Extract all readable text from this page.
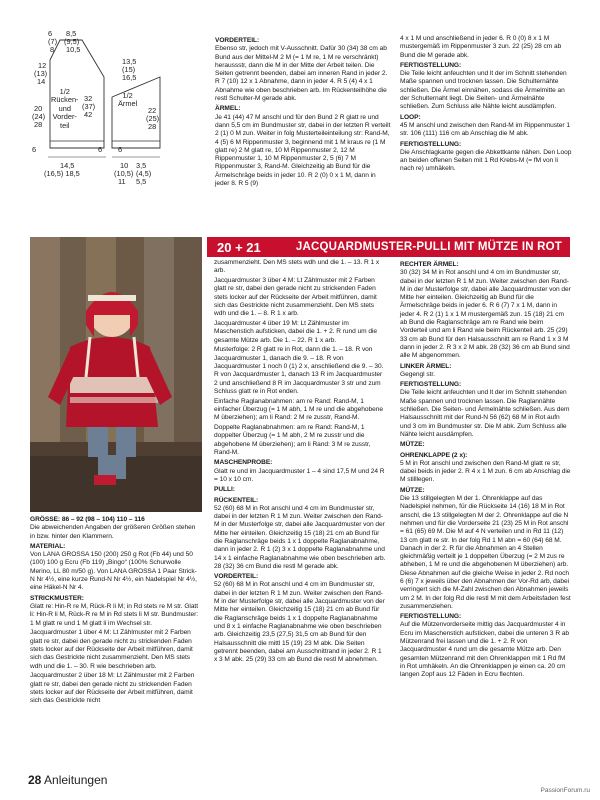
6
(7)
8
8,5
(9,5)
10,5
12
(13)
14
20
(24)
28
32
(37)
42
1/2
Rücken-
und
Vorder-
teil
6	6
14,5
(16,5) 18,5
13,5
(15)
16,5
22
(25)
28
1/2
Ärmel
6
10 3,5
(10,5) (4,5)
11 5,5
VORDERTEIL:

Ebenso str, jedoch mit V-Ausschnitt. Dafür 30 (34) 38 cm ab Bund aus der Mittel-M 2 M (= 1 M re, 1 M re verschränkt) heraussstr, dann die M in der Mitte der Arbeit teilen. Die Seiten getrennt beenden, dabei am inneren Rand in jeder 2. R 7 (10) 12 x 1 Abnahme, dann in jeder 4. R 5 (4) 4 x 1 Abnahme wie oben beschrieben arb. Im Rückenteilhöhe die restl Schulter-M gerade abk.

ÄRMEL:

Je 41 (44) 47 M anschl und für den Bund 2 R glatt re und dann 5,5 cm im Bundmuster str, dabei in der letzten R verteilt 2 (1) 0 M zun. Weiter in folg Musterteileinteilung str: Rand-M, 4 (5) 6 M Rippenmuster 3, beginnend mit 1 M kraus re (1 M glatt re) 2 M glatt re, 10 M Rippenmuster 2, 12 M Rippenmuster 1, 10 M Rippenmuster 2, 5 (6) 7 M Rippenmuster 3, Rand-M. Gleichzeitig ab Bund für die Ärmelschräge beids in jeder 10. R 2 (0) 0 x 1 M, dann in jeder 8. R 5 (9)

4 x 1 M und anschließend in jeder 6. R 0 (0) 8 x 1 M mustergemäß im Rippenmuster 3 zun. 22 (25) 28 cm ab Bund die M gerade abk.

FERTIGSTELLUNG:

Die Teile leicht anfeuchten und lt der im Schnitt stehenden Maße spannen und trocknen lassen. Die Schulternähte schließen. Die Ärmel einnähen, sodass die Ärmelmitte an der Schulternaht liegt. Die Seiten- und Ärmelnähte schließen. Zum Schluss alle Nähte leicht ausdämpfen.

LOOP:

45 M anschl und zwischen den Rand-M im Rippenmuster 1 str. 106 (111) 116 cm ab Anschlag die M abk.

FERTIGSTELLUNG:

Die Anschlagkante gegen die Abkettkante nähen. Den Loop an beiden offenen Seiten mit 1 Rd Krebs-M (= fM von li nach re) umhäkeln.

20 + 21	JACQUARDMUSTER-PULLI MIT MÜTZE IN ROT
GRÖSSE: 86 – 92 (98 – 104) 110 – 116

Die abweichenden Angaben der größeren Größen stehen in bzw. hinter den Klammern.

MATERIAL:

Von LANA GROSSA 150 (200) 250 g Rot (Fb 44) und 50 (100) 100 g Ecru (Fb 119) „Bingo“ (100% Schurwolle Merino, LL 80 m/50 g). Von LANA GROSSA 1 Paar Strick-N Nr 4½, eine kurze Rund-N Nr 4½, ein Nadelspiel Nr 4½, eine Häkel-N Nr 4.

STRICKMUSTER:

Glatt re: Hin-R re M, Rück-R li M; in Rd stets re M str. Glatt li: Hin-R li M, Rück-R re M in Rd stets li M str. Bundmuster: 1 M glatt re und 1 M glatt li im Wechsel str.

Jacquardmuster 1 über 4 M: Lt Zählmuster mit 2 Farben glatt re str, dabei den gerade nicht zu strickenden Faden stets locker auf der Rückseite der Arbeit mitführen, damit sich das Gestrickte nicht zusammenzieht. Den MS stets wdh und die 1. – 30. R wie beschrieben arb.

Jacquardmuster 2 über 18 M: Lt Zählmuster mit 2 Farben glatt re str, dabei den gerade nicht zu strickenden Faden stets locker auf der Rückseite der Arbeit mitführen, damit sich das Gestrickte nicht

zusammenzieht. Den MS stets wdh und die 1. – 13. R 1 x arb.

Jacquardmuster 3 über 4 M: Lt Zählmuster mit 2 Farben glatt re str, dabei den gerade nicht zu strickenden Faden stets locker auf der Rückseite der Arbeit mitführen, damit sich das Gestrickte nicht zusammenzieht. Den MS stets wdh und die 1. – 8. R 1 x arb.

Jacquardmuster 4 über 19 M: Lt Zählmuster im Maschenstich aufsticken, dabei die 1. + 2. R rund um die gesamte Mütze arb. Die 1. – 22. R 1 x arb.

Musterfolge: 2 R glatt re in Rot, dann die 1. – 18. R von Jacquardmuster 1, danach die 9. – 18. R von Jacquardmuster 1 noch 0 (1) 2 x, anschließend die 9. – 30. R von Jacquardmuster 1, danach 13 R im Jacquardmuster 2 und anschließend 8 R im Jacquardmuster 3 str und zum Schluss glatt re in Rot enden.

Einfache Raglanabnahmen: am re Rand: Rand-M, 1 einfacher Überzug (= 1 M abh, 1 M re und die abgehobene M überziehen); am li Rand: 2 M re zusstr, Rand-M.

Doppelte Raglanabnahmen: am re Rand: Rand-M, 1 doppelter Überzug (= 1 M abh, 2 M re zusstr und die abgehobene M überziehen); am li Rand: 3 M re zusstr, Rand-M.

MASCHENPROBE:

Glatt re und im Jacquardmuster 1 – 4 sind 17,5 M und 24 R = 10 x 10 cm.

PULLI:
RÜCKENTEIL:

52 (60) 68 M in Rot anschl und 4 cm im Bundmuster str, dabei in der letzten R 1 M zun. Weiter zwischen den Rand-M in der Musterfolge str, dabei alle Jacquardmuster von der Mitte her einteilen. Gleichzeitig 15 (18) 21 cm ab Bund für die Raglanschräge beids 1 x 1 doppelte Raglanabnahme, dann in jeder 2. R 1 (2) 3 x 1 doppelte Raglanabnahme und 14 x 1 einfache Raglanabnahme wie oben beschrieben arb. 28 (32) 36 cm Bund die restl M gerade abk.

VORDERTEIL:

52 (60) 68 M in Rot anschl und 4 cm im Bundmuster str, dabei in der letzten R 1 M zun. Weiter zwischen den Rand-M in der Musterfolge str, dabei alle Jacquardmuster von der Mitte her einteilen. Gleichzeitig 15 (18) 21 cm ab Bund für die Raglanschräge beids 1 x 1 doppelte Raglanabnahme und 8 x 1 einfache Raglanabnahme wie oben beschrieben arb. Gleichzeitig 23,5 (27,5) 31,5 cm ab Bund für den Halsausschnitt die mittl 15 (19) 23 M abk. Die Seiten getrennt beenden, dabei am Ausschnittrand in jeder 2. R 1 x 3 M abk. 25 (29) 33 cm ab Bund die restl M abnehmen.

RECHTER ÄRMEL:

30 (32) 34 M in Rot anschl und 4 cm im Bundmuster str, dabei in der letzten R 1 M zun. Weiter zwischen den Rand-M in der Musterfolge str, dabei alle Jacquardmuster von der Mitte her einteilen. Gleichzeitig ab Bund für die Ärmelschräge beids in jeder 6. R 6 (7) 7 x 1 M, dann in jeder 4. R 2 (1) 1 x 1 M mustergemäß zun. 15 (18) 21 cm ab Bund die Raglanschräge am re Rand wie beim Vorderteil und am li Rand wie beim Rückenteil arb. 25 (29) 33 cm ab Bund für den Halsausschnitt am re Rand 1 x 3 M dann in jeder 2. R 3 x 2 M abk. 28 (32) 36 cm ab Bund sind alle M abgenommen.

LINKER ÄRMEL:

Gegengl str.

FERTIGSTELLUNG:

Die Teile leicht anfeuchten und lt der im Schnitt stehenden Maße spannen und trocknen lassen. Die Raglannähte schließen. Die Seiten- und Ärmelnähte schließen. Aus dem Halsausschnitt mit der Rund-N 56 (62) 68 M in Rot aufn und 3 cm im Bundmuster str. Die M abk. Zum Schluss alle Nähte leicht ausdämpfen.

MÜTZE:
OHRENKLAPPE (2 x):

5 M in Rot anschl und zwischen den Rand-M glatt re str, dabei beids in jeder 2. R 4 x 1 M zun. 6 cm ab Anschlag die M stilllegen.

MÜTZE:

Die 13 stillgelegten M der 1. Ohrenklappe auf das Nadelspiel nehmen, für die Rückseite 14 (16) 18 M in Rot anschl, die 13 stillgelegten M der 2. Ohrenklappe auf die N nehmen und für die Vorderseite 21 (23) 25 M in Rot anschl = 61 (65) 69 M. Die M auf 4 N verteilen und in Rd 11 (12) 13 cm glatt re str. In der folg Rd 1 M abn = 60 (64) 68 M. Danach in der 2. R für die Abnahmen an 4 Stellen gleichmäßig verteilt je 1 doppelten Überzug (= 2 M zus re abheben, 1 M re und die abgehobenen M überziehen) arb. Diese Abnahmen auf die gleiche Weise in jeder 2. Rd noch 6 (6) 7 x jeweils über den Abnahmen der Vor-Rd arb, dabei verringert sich die M-Zahl zwischen den Abnahmen jeweils um 2 M. In der folg Rd die restl M mit dem Arbeitsfaden fest zusammenziehen.

FERTIGSTELLUNG:

Auf die Mützenvorderseite mittig das Jacquardmuster 4 in Ecru im Maschenstich aufsticken, dabei die unteren 3 R ab Mützenrand frei lassen und die 1. + 2. R von Jacquardmuster 4 rund um die gesamte Mütze arb. Den gesamten Mützenrand mit den Ohrenklappen mit 1 Rd fM in Rot umhäkeln. An die Ohrenklappen je einen ca. 20 cm langen Zopf aus 12 Fäden in Ecru flechten.

28 Anleitungen
PassionForum.ru
